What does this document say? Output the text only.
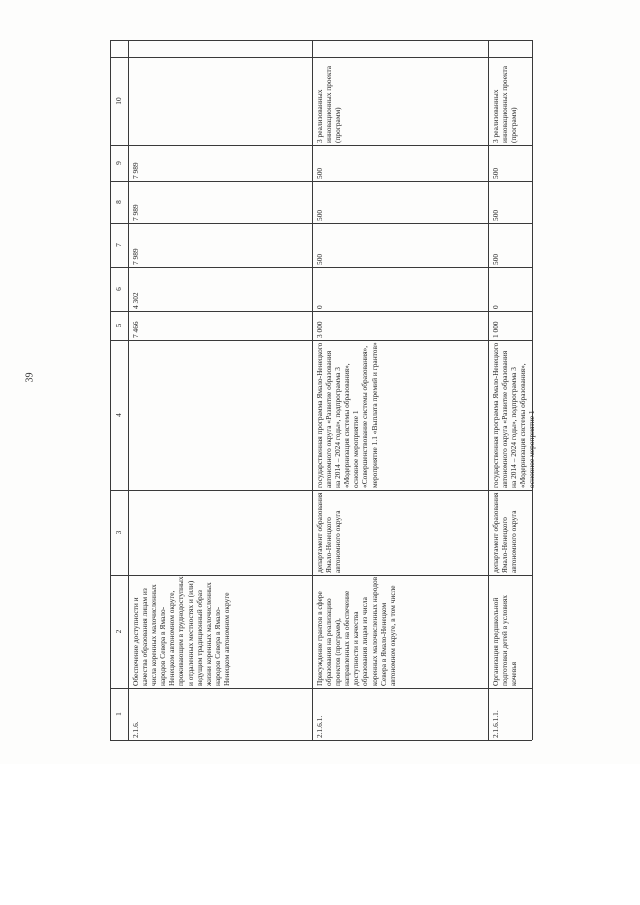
39
1
2
3
4
5
6
7
8
9
10
2.1.6.
Обеспечение доступности и качества образования лицам из числа коренных малочисленных народов Севера в Ямало-Ненецком автономном округе, проживающим в труднодоступных и отдаленных местностях и (или) ведущим традиционный образ жизни коренных малочисленных народов Севера в Ямало-Ненецком автономном округе
7 466
4 302
7 989
7 989
7 989
2.1.6.1.
Присуждение грантов в сфере образования на реализацию проектов (программ), направленных на обеспечение доступности и качества образования лицам из числа коренных малочисленных народов Севера в Ямало-Ненецком автономном округе, в том числе
департамент образования Ямало-Ненецкого автономного округа
государственная программа Ямало-Ненецкого автономного округа «Развитие образования на 2014 – 2024 годы», подпрограмма 3 «Модернизация системы образования», основное мероприятие 1 «Совершенствование системы образования», мероприятие 1.1 «Выплата премий и грантов»
3 000
0
500
500
500
3 реализованных инновационных проекта (программ)
2.1.6.1.1.
Организация предшкольной подготовки детей в условиях кочевья
департамент образования Ямало-Ненецкого автономного округа
государственная программа Ямало-Ненецкого автономного округа «Развитие образования на 2014 – 2024 годы», подпрограмма 3 «Модернизация системы образования», основное мероприятие 1
1 000
0
500
500
500
3 реализованных инновационных проекта (программ)
